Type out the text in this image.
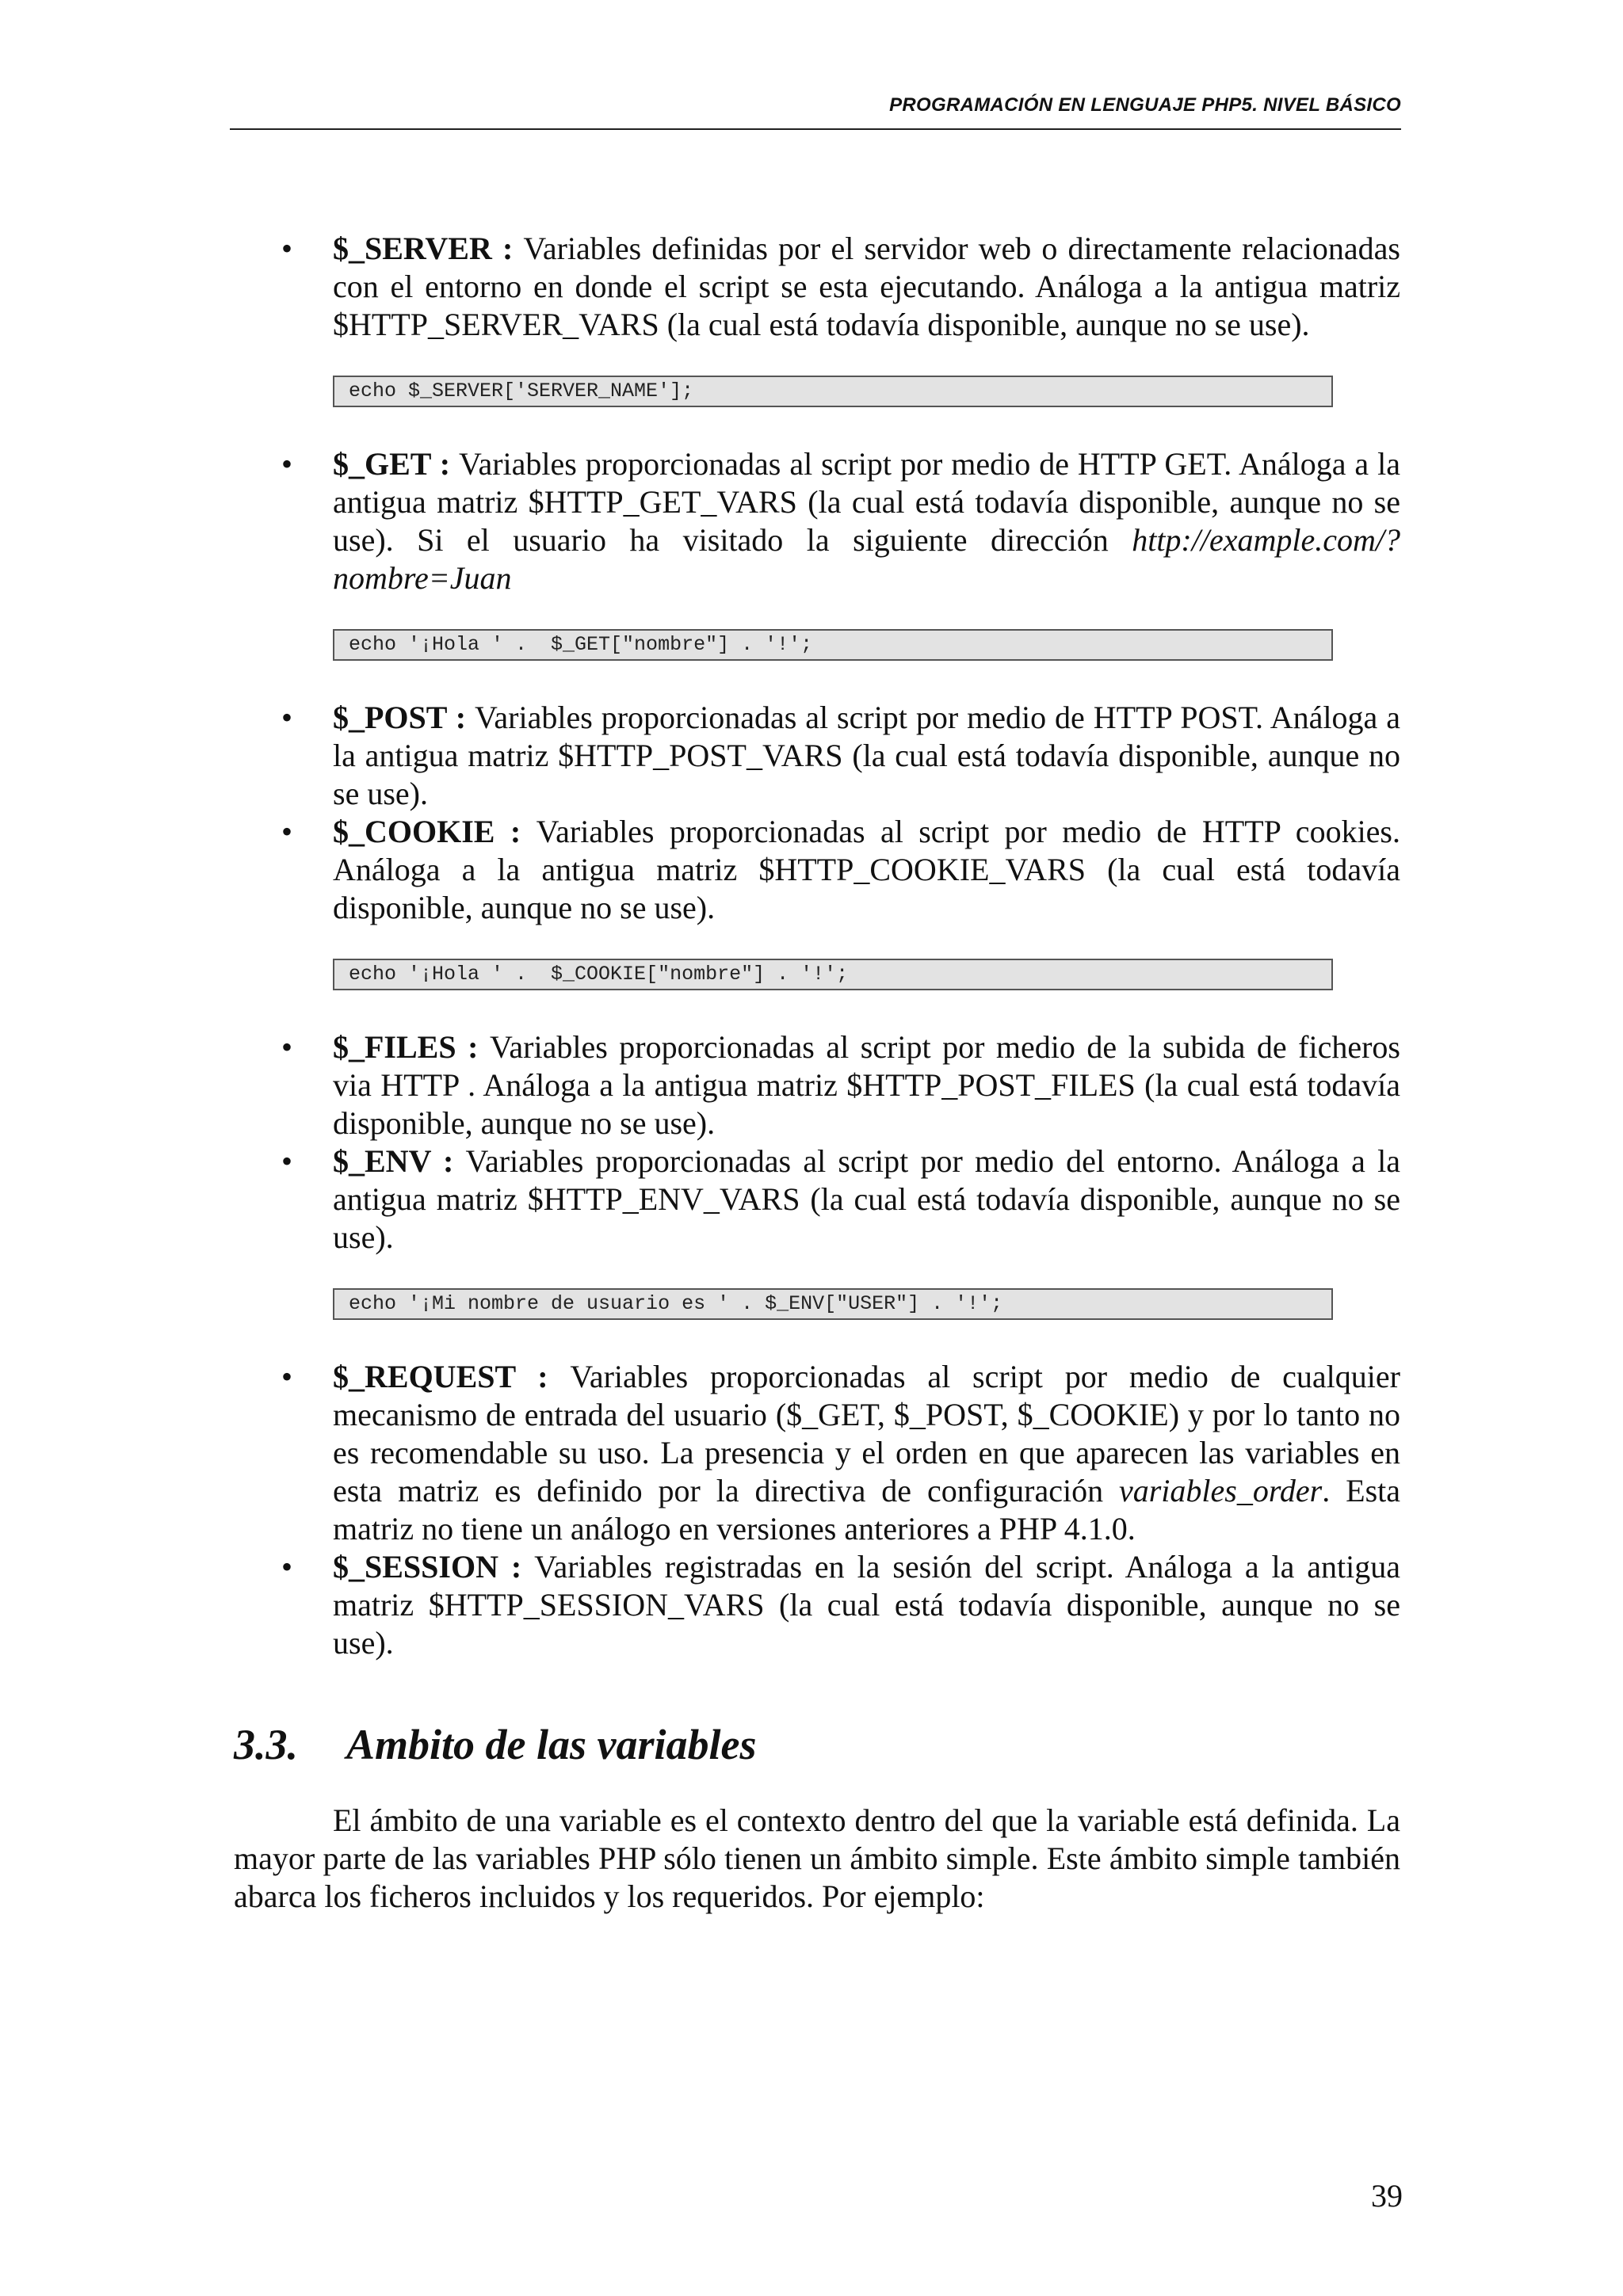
PROGRAMACIÓN EN LENGUAJE PHP5. NIVEL BÁSICO
• $_SERVER : Variables definidas por el servidor web o directamente relacionadas con el entorno en donde el script se esta ejecutando. Análoga a la antigua matriz $HTTP_SERVER_VARS (la cual está todavía disponible, aunque no se use).
echo $_SERVER['SERVER_NAME'];
• $_GET : Variables proporcionadas al script por medio de HTTP GET. Análoga a la antigua matriz $HTTP_GET_VARS (la cual está todavía disponible, aunque no se use). Si el usuario ha visitado la siguiente dirección http://example.com/?nombre=Juan
echo '¡Hola ' .  $_GET["nombre"] . '!';
• $_POST : Variables proporcionadas al script por medio de HTTP POST. Análoga a la antigua matriz $HTTP_POST_VARS (la cual está todavía disponible, aunque no se use).
• $_COOKIE : Variables proporcionadas al script por medio de HTTP cookies. Análoga a la antigua matriz $HTTP_COOKIE_VARS (la cual está todavía disponible, aunque no se use).
echo '¡Hola ' .  $_COOKIE["nombre"] . '!';
• $_FILES : Variables proporcionadas al script por medio de la subida de ficheros via HTTP . Análoga a la antigua matriz $HTTP_POST_FILES (la cual está todavía disponible, aunque no se use).
• $_ENV : Variables proporcionadas al script por medio del entorno. Análoga a la antigua matriz $HTTP_ENV_VARS (la cual está todavía disponible, aunque no se use).
echo '¡Mi nombre de usuario es ' . $_ENV["USER"] . '!';
• $_REQUEST : Variables proporcionadas al script por medio de cualquier mecanismo de entrada del usuario ($_GET, $_POST, $_COOKIE) y por lo tanto no es recomendable su uso. La presencia y el orden en que aparecen las variables en esta matriz es definido por la directiva de configuración variables_order. Esta matriz no tiene un análogo en versiones anteriores a PHP 4.1.0.
• $_SESSION : Variables registradas en la sesión del script. Análoga a la antigua matriz $HTTP_SESSION_VARS (la cual está todavía disponible, aunque no se use).
3.3. Ambito de las variables
El ámbito de una variable es el contexto dentro del que la variable está definida. La mayor parte de las variables PHP sólo tienen un ámbito simple. Este ámbito simple también abarca los ficheros incluidos y los requeridos. Por ejemplo:
39
